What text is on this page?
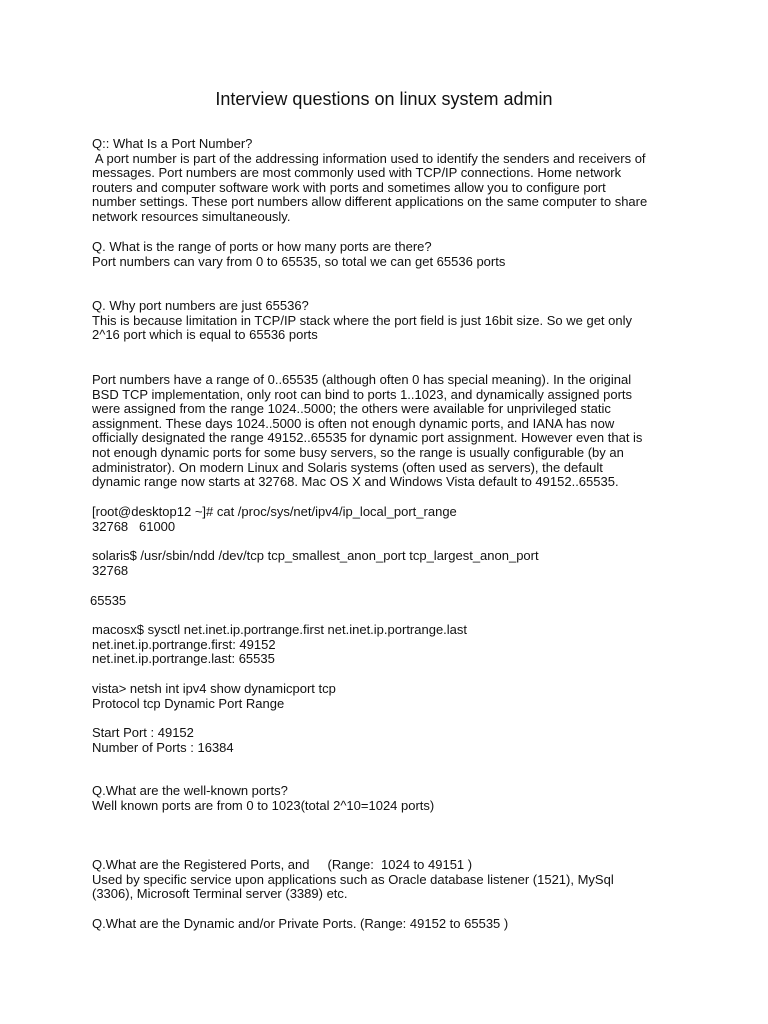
Interview questions on linux system admin
Q:: What Is a Port Number?
A port number is part of the addressing information used to identify the senders and receivers of
messages. Port numbers are most commonly used with TCP/IP connections. Home network
routers and computer software work with ports and sometimes allow you to configure port
number settings. These port numbers allow different applications on the same computer to share
network resources simultaneously.
Q. What is the range of ports or how many ports are there?
Port numbers can vary from 0 to 65535, so total we can get 65536 ports
Q. Why port numbers are just 65536?
This is because limitation in TCP/IP stack where the port field is just 16bit size. So we get only
2^16 port which is equal to 65536 ports
Port numbers have a range of 0..65535 (although often 0 has special meaning). In the original
BSD TCP implementation, only root can bind to ports 1..1023, and dynamically assigned ports
were assigned from the range 1024..5000; the others were available for unprivileged static
assignment. These days 1024..5000 is often not enough dynamic ports, and IANA has now
officially designated the range 49152..65535 for dynamic port assignment. However even that is
not enough dynamic ports for some busy servers, so the range is usually configurable (by an
administrator). On modern Linux and Solaris systems (often used as servers), the default
dynamic range now starts at 32768. Mac OS X and Windows Vista default to 49152..65535.
[root@desktop12 ~]# cat /proc/sys/net/ipv4/ip_local_port_range
32768   61000
solaris$ /usr/sbin/ndd /dev/tcp tcp_smallest_anon_port tcp_largest_anon_port
32768
65535
macosx$ sysctl net.inet.ip.portrange.first net.inet.ip.portrange.last
net.inet.ip.portrange.first: 49152
net.inet.ip.portrange.last: 65535
vista> netsh int ipv4 show dynamicport tcp
Protocol tcp Dynamic Port Range
Start Port : 49152
Number of Ports : 16384
Q.What are the well-known ports?
Well known ports are from 0 to 1023(total 2^10=1024 ports)
Q.What are the Registered Ports, and     (Range:  1024 to 49151 )
Used by specific service upon applications such as Oracle database listener (1521), MySql
(3306), Microsoft Terminal server (3389) etc.
Q.What are the Dynamic and/or Private Ports. (Range: 49152 to 65535 )
